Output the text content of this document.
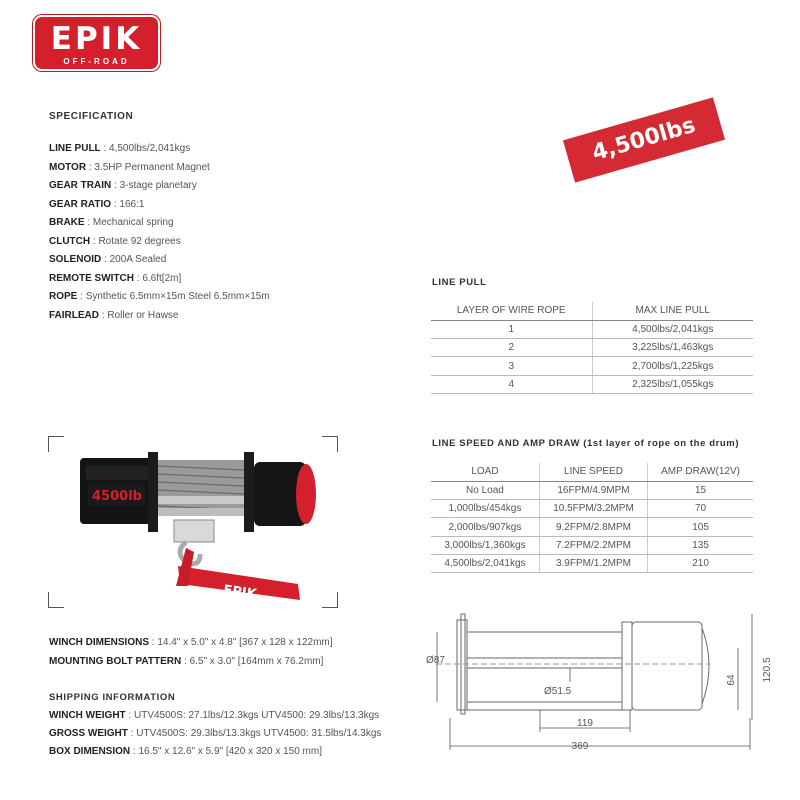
EPIK
OFF-ROAD
SPECIFICATION
LINE PULL : 4,500lbs/2,041kgs
MOTOR : 3.5HP Permanent Magnet
GEAR TRAIN : 3-stage planetary
GEAR RATIO : 166:1
BRAKE : Mechanical spring
CLUTCH : Rotate 92 degrees
SOLENOID : 200A Sealed
REMOTE SWITCH : 6.6ft[2m]
ROPE : Synthetic 6.5mm×15m Steel 6.5mm×15m
FAIRLEAD : Roller or Hawse
4,500lbs
LINE PULL
LAYER OF WIRE ROPE	MAX LINE PULL
1	4,500lbs/2,041kgs
2	3,225lbs/1,463kgs
3	2,700lbs/1,225kgs
4	2,325lbs/1,055kgs
LINE SPEED AND AMP DRAW (1st layer of rope on the drum)
LOAD	LINE SPEED	AMP DRAW(12V)
No Load	16FPM/4.9MPM	15
1,000lbs/454kgs	10.5FPM/3.2MPM	70
2,000lbs/907kgs	9.2FPM/2.8MPM	105
3,000lbs/1,360kgs	7.2FPM/2.2MPM	135
4,500lbs/2,041kgs	3.9FPM/1.2MPM	210
4500lb
EPIK
WINCH DIMENSIONS : 14.4" x 5.0" x 4.8" [367 x 128 x 122mm]
MOUNTING BOLT PATTERN : 6.5" x 3.0" [164mm x 76.2mm]
SHIPPING INFORMATION
WINCH WEIGHT : UTV4500S: 27.1lbs/12.3kgs UTV4500: 29.3lbs/13.3kgs
GROSS WEIGHT : UTV4500S: 29.3lbs/13.3kgs UTV4500: 31.5lbs/14.3kgs
BOX DIMENSION : 16.5" x 12.6" x 5.9" [420 x 320 x 150 mm]
Ø87
Ø51.5
120.5
64
119
369
